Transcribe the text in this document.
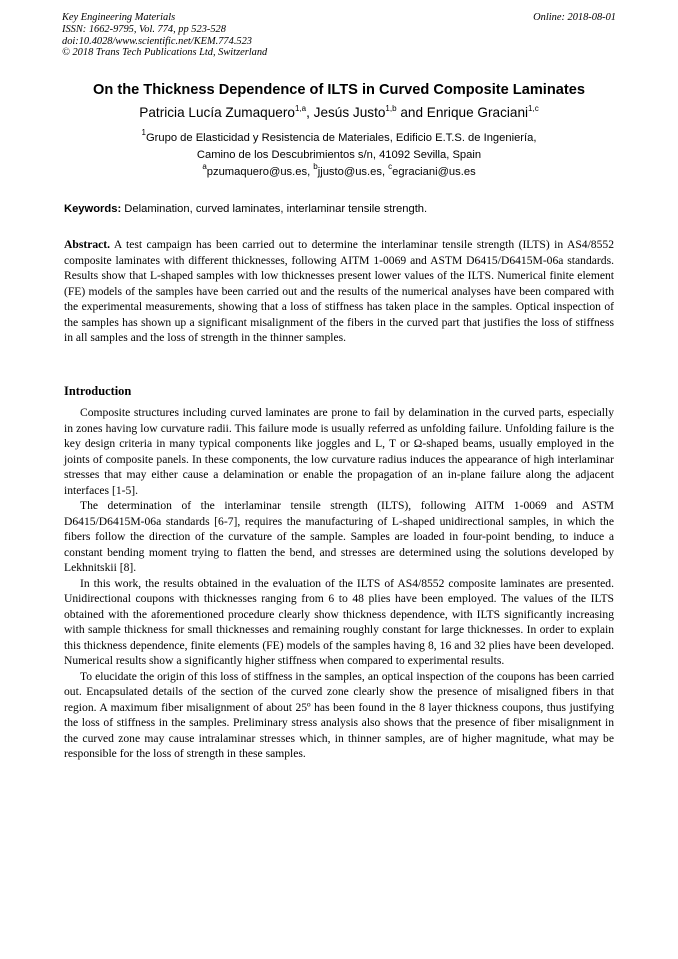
Key Engineering Materials
ISSN: 1662-9795, Vol. 774, pp 523-528
doi:10.4028/www.scientific.net/KEM.774.523
© 2018 Trans Tech Publications Ltd, Switzerland
Online: 2018-08-01
On the Thickness Dependence of ILTS in Curved Composite Laminates
Patricia Lucía Zumaquero$^{1,a}$, Jesús Justo$^{1,b}$ and Enrique Graciani$^{1,c}$
$^1$Grupo de Elasticidad y Resistencia de Materiales, Edificio E.T.S. de Ingeniería,
Camino de los Descubrimientos s/n, 41092 Sevilla, Spain
$^a$pzumaquero@us.es, $^b$jjusto@us.es, $^c$egraciani@us.es
Keywords: Delamination, curved laminates, interlaminar tensile strength.
Abstract. A test campaign has been carried out to determine the interlaminar tensile strength (ILTS) in AS4/8552 composite laminates with different thicknesses, following AITM 1-0069 and ASTM D6415/D6415M-06a standards. Results show that L-shaped samples with low thicknesses present lower values of the ILTS. Numerical finite element (FE) models of the samples have been carried out and the results of the numerical analyses have been compared with the experimental measurements, showing that a loss of stiffness has taken place in the samples. Optical inspection of the samples has shown up a significant misalignment of the fibers in the curved part that justifies the loss of stiffness in all samples and the loss of strength in the thinner samples.
Introduction

Composite structures including curved laminates are prone to fail by delamination in the curved parts, especially in zones having low curvature radii. This failure mode is usually referred as unfolding failure. Unfolding failure is the key design criteria in many typical components like joggles and L, T or Ω-shaped beams, usually employed in the joints of composite panels. In these components, the low curvature radius induces the appearance of high interlaminar stresses that may either cause a delamination or enable the propagation of an in-plane failure along the adjacent interfaces [1-5].

The determination of the interlaminar tensile strength (ILTS), following AITM 1-0069 and ASTM D6415/D6415M-06a standards [6-7], requires the manufacturing of L-shaped unidirectional samples, in which the fibers follow the direction of the curvature of the sample. Samples are loaded in four-point bending, to induce a constant bending moment trying to flatten the bend, and stresses are determined using the solutions developed by Lekhnitskii [8].

In this work, the results obtained in the evaluation of the ILTS of AS4/8552 composite laminates are presented. Unidirectional coupons with thicknesses ranging from 6 to 48 plies have been employed. The values of the ILTS obtained with the aforementioned procedure clearly show thickness dependence, with ILTS significantly increasing with sample thickness for small thicknesses and remaining roughly constant for large thicknesses. In order to explain this thickness dependence, finite elements (FE) models of the samples having 8, 16 and 32 plies have been developed. Numerical results show a significantly higher stiffness when compared to experimental results.

To elucidate the origin of this loss of stiffness in the samples, an optical inspection of the coupons has been carried out. Encapsulated details of the section of the curved zone clearly show the presence of misaligned fibers in that region. A maximum fiber misalignment of about 25º has been found in the 8 layer thickness coupons, thus justifying the loss of stiffness in the samples. Preliminary stress analysis also shows that the presence of fiber misalignment in the curved zone may cause intralaminar stresses which, in thinner samples, are of higher magnitude, what may be responsible for the loss of strength in these samples.
